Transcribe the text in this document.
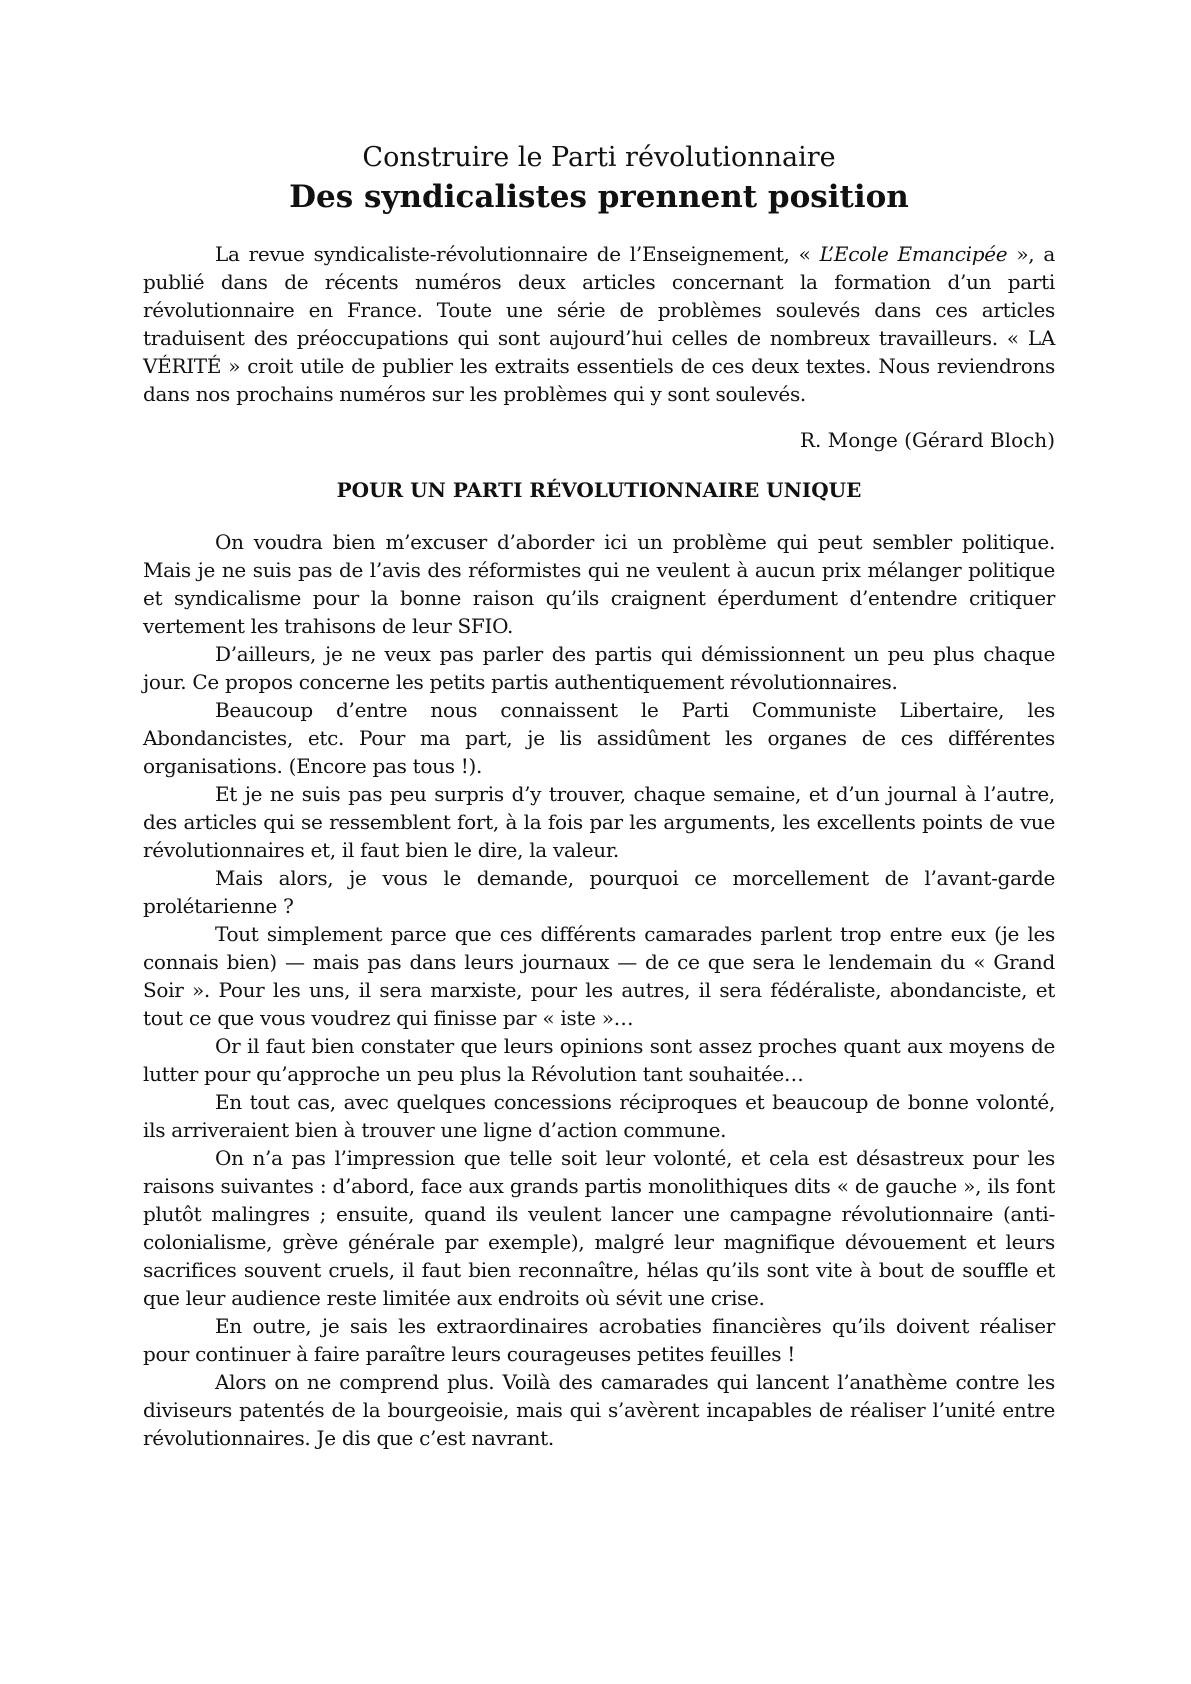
Construire le Parti révolutionnaire
Des syndicalistes prennent position

La revue syndicaliste-révolutionnaire de l’Enseignement, « L’Ecole Emancipée », a publié dans de récents numéros deux articles concernant la formation d’un parti révolutionnaire en France. Toute une série de problèmes soulevés dans ces articles traduisent des préoccupations qui sont aujourd’hui celles de nombreux travailleurs. « LA VÉRITÉ » croit utile de publier les extraits essentiels de ces deux textes. Nous reviendrons dans nos prochains numéros sur les problèmes qui y sont soulevés.

R. Monge (Gérard Bloch)
POUR UN PARTI RÉVOLUTIONNAIRE UNIQUE

On voudra bien m’excuser d’aborder ici un problème qui peut sembler politique. Mais je ne suis pas de l’avis des réformistes qui ne veulent à aucun prix mélanger politique et syndicalisme pour la bonne raison qu’ils craignent éperdument d’entendre critiquer vertement les trahisons de leur SFIO.

D’ailleurs, je ne veux pas parler des partis qui démissionnent un peu plus chaque jour. Ce propos concerne les petits partis authentiquement révolutionnaires.

Beaucoup d’entre nous connaissent le Parti Communiste Libertaire, les Abondancistes, etc. Pour ma part, je lis assidûment les organes de ces différentes organisations. (Encore pas tous !).

Et je ne suis pas peu surpris d’y trouver, chaque semaine, et d’un journal à l’autre, des articles qui se ressemblent fort, à la fois par les arguments, les excellents points de vue révolutionnaires et, il faut bien le dire, la valeur.

Mais alors, je vous le demande, pourquoi ce morcellement de l’avant-garde prolétarienne ?

Tout simplement parce que ces différents camarades parlent trop entre eux (je les connais bien) — mais pas dans leurs journaux — de ce que sera le lendemain du « Grand Soir ». Pour les uns, il sera marxiste, pour les autres, il sera fédéraliste, abondanciste, et tout ce que vous voudrez qui finisse par « iste »…

Or il faut bien constater que leurs opinions sont assez proches quant aux moyens de lutter pour qu’approche un peu plus la Révolution tant souhaitée…

En tout cas, avec quelques concessions réciproques et beaucoup de bonne volonté, ils arriveraient bien à trouver une ligne d’action commune.

On n’a pas l’impression que telle soit leur volonté, et cela est désastreux pour les raisons suivantes : d’abord, face aux grands partis monolithiques dits « de gauche », ils font plutôt malingres ; ensuite, quand ils veulent lancer une campagne révolutionnaire (anti-colonialisme, grève générale par exemple), malgré leur magnifique dévouement et leurs sacrifices souvent cruels, il faut bien reconnaître, hélas qu’ils sont vite à bout de souffle et que leur audience reste limitée aux endroits où sévit une crise.

En outre, je sais les extraordinaires acrobaties financières qu’ils doivent réaliser pour continuer à faire paraître leurs courageuses petites feuilles !

Alors on ne comprend plus. Voilà des camarades qui lancent l’anathème contre les diviseurs patentés de la bourgeoisie, mais qui s’avèrent incapables de réaliser l’unité entre révolutionnaires. Je dis que c’est navrant.
